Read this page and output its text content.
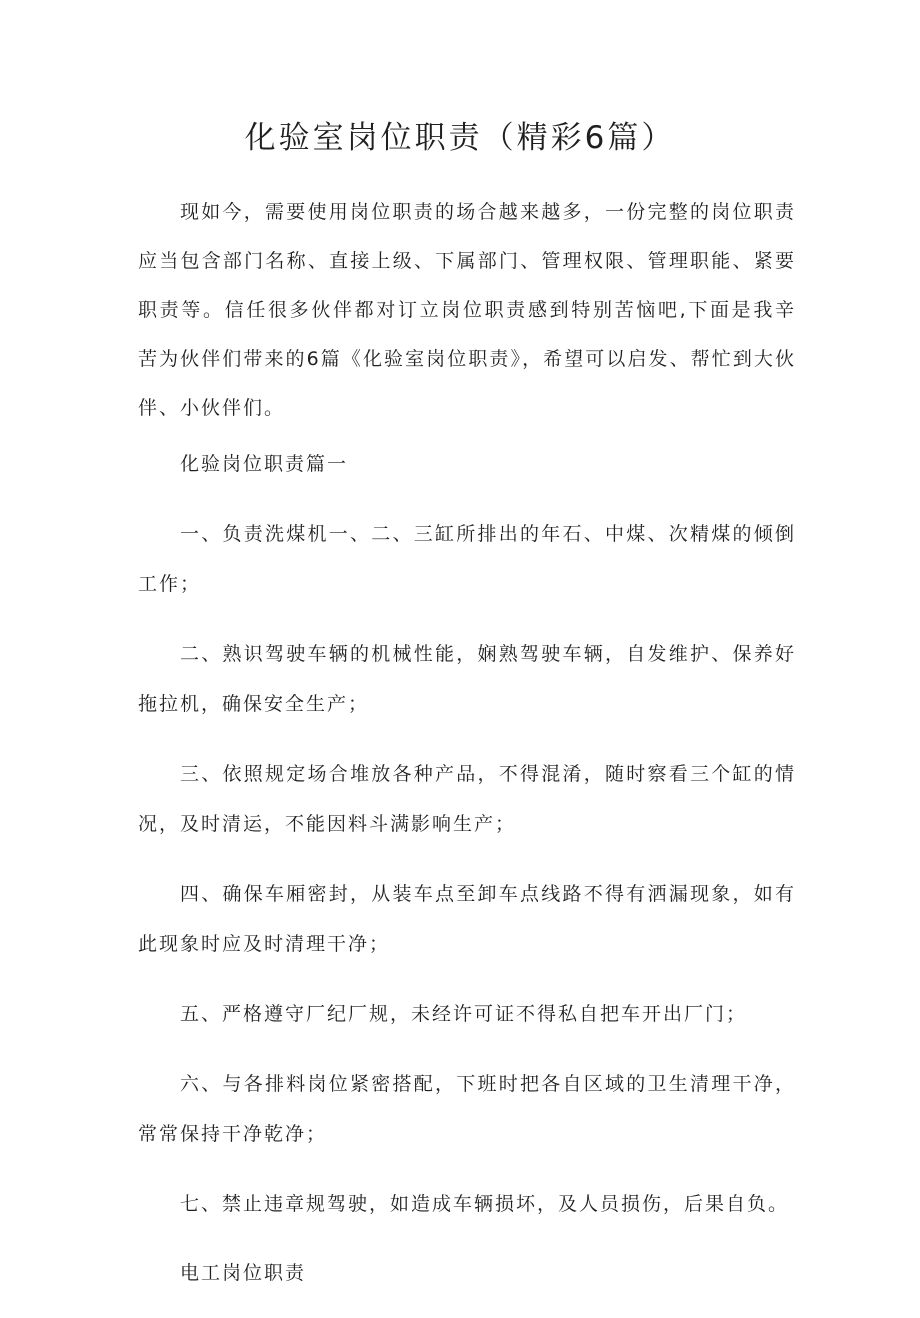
化验室岗位职责（精彩6篇）

现如今，需要使用岗位职责的场合越来越多，一份完整的岗位职责应当包含部门名称、直接上级、下属部门、管理权限、管理职能、紧要职责等。信任很多伙伴都对订立岗位职责感到特别苦恼吧,下面是我辛苦为伙伴们带来的6篇《化验室岗位职责》，希望可以启发、帮忙到大伙伴、小伙伴们。

化验岗位职责篇一

一、负责洗煤机一、二、三缸所排出的年石、中煤、次精煤的倾倒工作；

二、熟识驾驶车辆的机械性能，娴熟驾驶车辆，自发维护、保养好拖拉机，确保安全生产；

三、依照规定场合堆放各种产品，不得混淆，随时察看三个缸的情况，及时清运，不能因料斗满影响生产；

四、确保车厢密封，从装车点至卸车点线路不得有洒漏现象，如有此现象时应及时清理干净；

五、严格遵守厂纪厂规，未经许可证不得私自把车开出厂门；

六、与各排料岗位紧密搭配，下班时把各自区域的卫生清理干净，常常保持干净乾净；

七、禁止违章规驾驶，如造成车辆损坏，及人员损伤，后果自负。

电工岗位职责
